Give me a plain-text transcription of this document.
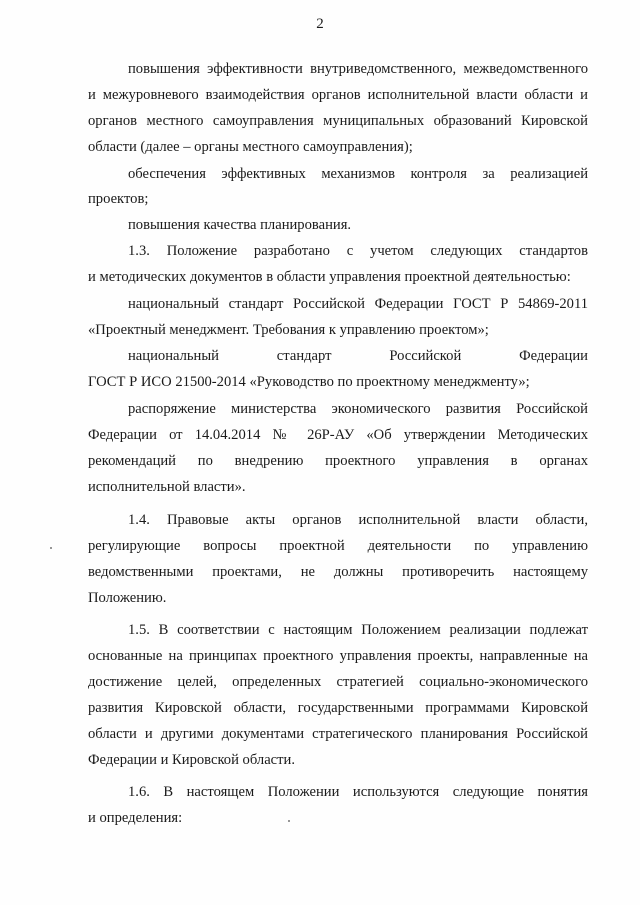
2
повышения эффективности внутриведомственного, межведомственного
и межуровневого взаимодействия органов исполнительной власти области и
органов местного самоуправления муниципальных образований Кировской
области (далее – органы местного самоуправления);
обеспечения эффективных механизмов контроля за реализацией
проектов;
повышения качества планирования.
1.3. Положение разработано с учетом следующих стандартов
и методических документов в области управления проектной деятельностью:
национальный стандарт Российской Федерации ГОСТ Р 54869-2011
«Проектный менеджмент. Требования к управлению проектом»;
национальный стандарт Российской Федерации
ГОСТ Р ИСО 21500-2014 «Руководство по проектному менеджменту»;
распоряжение министерства экономического развития Российской
Федерации от 14.04.2014 № 26Р-АУ «Об утверждении Методических
рекомендаций по внедрению проектного управления в органах
исполнительной власти».
1.4. Правовые акты органов исполнительной власти области,
регулирующие вопросы проектной деятельности по управлению
ведомственными проектами, не должны противоречить настоящему
Положению.
1.5. В соответствии с настоящим Положением реализации подлежат
основанные на принципах проектного управления проекты, направленные на
достижение целей, определенных стратегией социально-экономического
развития Кировской области, государственными программами Кировской
области и другими документами стратегического планирования Российской
Федерации и Кировской области.
1.6. В настоящем Положении используются следующие понятия
и определения:
